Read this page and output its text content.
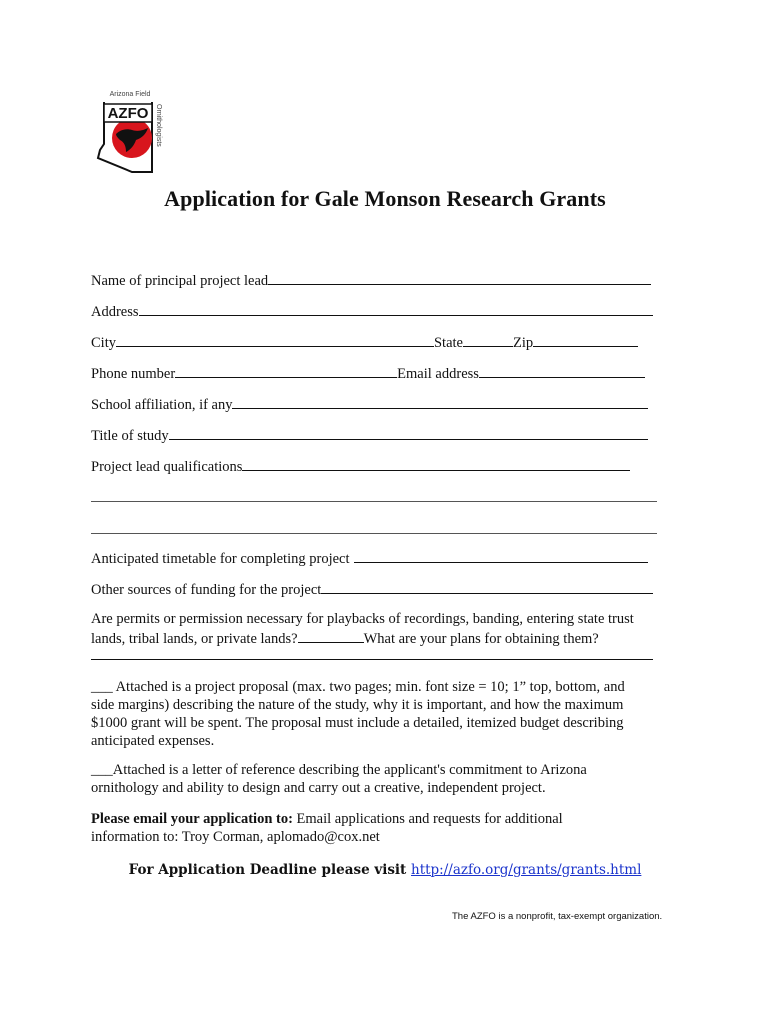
AZFO
Arizona Field
Ornithologists
Application for Gale Monson Research Grants
Name of principal project lead
Address
City	State	Zip
Phone number	Email address
School affiliation, if any
Title of study
Project lead qualifications
Anticipated timetable for completing project
Other sources of funding for the project
Are permits or permission necessary for playbacks of recordings, banding, entering state trust
lands, tribal lands, or private lands?	What are your plans for obtaining them?
___ Attached is a project proposal (max. two pages; min. font size = 10; 1” top, bottom, and side margins) describing the nature of the study, why it is important, and how the maximum $1000 grant will be spent. The proposal must include a detailed, itemized budget describing anticipated expenses.
___Attached is a letter of reference describing the applicant's commitment to Arizona ornithology and ability to design and carry out a creative, independent project.
Please email your application to: Email applications and requests for additional information to: Troy Corman, aplomado@cox.net
For Application Deadline please visit http://azfo.org/grants/grants.html
The AZFO is a nonprofit, tax-exempt organization.
